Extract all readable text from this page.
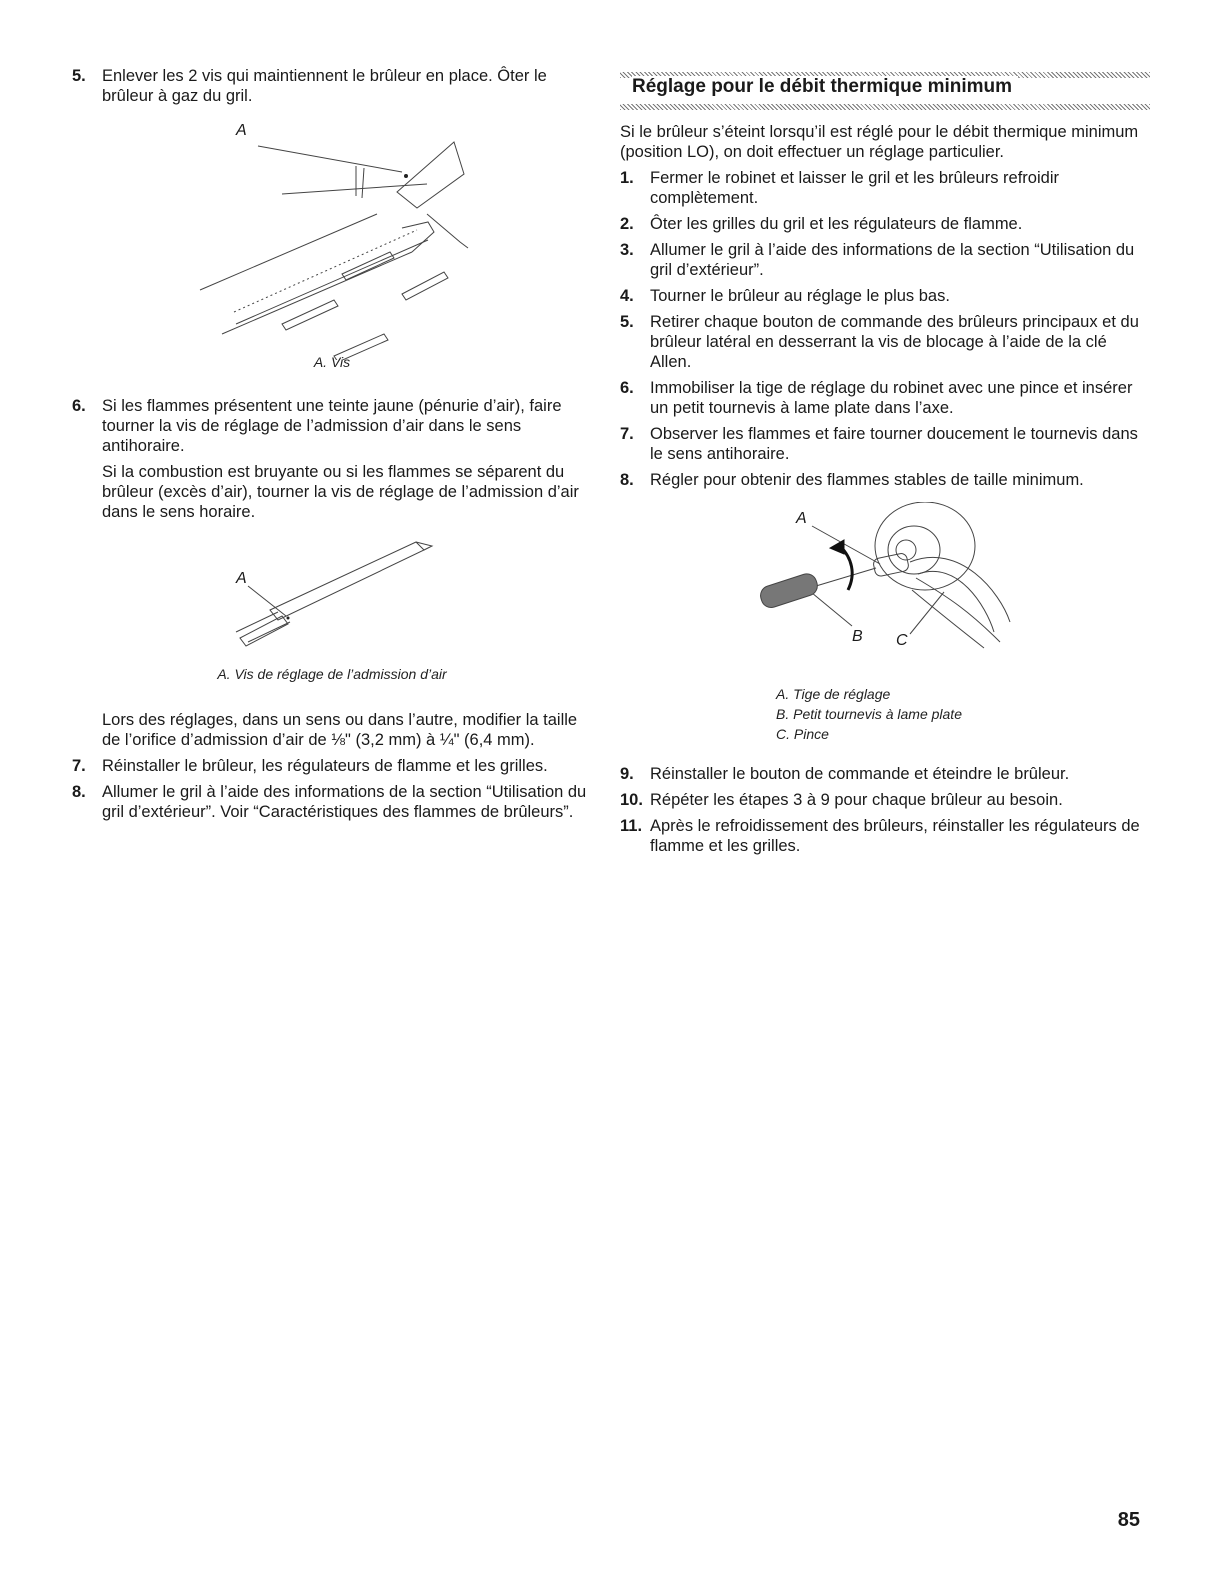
5. Enlever les 2 vis qui maintiennent le brûleur en place. Ôter le brûleur à gaz du gril.
A
A. Vis
6. Si les flammes présentent une teinte jaune (pénurie d’air), faire tourner la vis de réglage de l’admission d’air dans le sens antihoraire.

Si la combustion est bruyante ou si les flammes se séparent du brûleur (excès d’air), tourner la vis de réglage de l’admission d’air dans le sens horaire.

A
A. Vis de réglage de l’admission d’air

Lors des réglages, dans un sens ou dans l’autre, modifier la taille de l’orifice d’admission d’air de ⅛" (3,2 mm) à ¼" (6,4 mm).

7. Réinstaller le brûleur, les régulateurs de flamme et les grilles.
8. Allumer le gril à l’aide des informations de la section “Utilisation du gril d’extérieur”. Voir “Caractéristiques des flammes de brûleurs”.
Réglage pour le débit thermique minimum

Si le brûleur s’éteint lorsqu’il est réglé pour le débit thermique minimum (position LO), on doit effectuer un réglage particulier.

1. Fermer le robinet et laisser le gril et les brûleurs refroidir complètement.
2. Ôter les grilles du gril et les régulateurs de flamme.
3. Allumer le gril à l’aide des informations de la section “Utilisation du gril d’extérieur”.
4. Tourner le brûleur au réglage le plus bas.
5. Retirer chaque bouton de commande des brûleurs principaux et du brûleur latéral en desserrant la vis de blocage à l’aide de la clé Allen.
6. Immobiliser la tige de réglage du robinet avec une pince et insérer un petit tournevis à lame plate dans l’axe.
7. Observer les flammes et faire tourner doucement le tournevis dans le sens antihoraire.
8. Régler pour obtenir des flammes stables de taille minimum.
A
B C
A. Tige de réglage
B. Petit tournevis à lame plate
C. Pince
9. Réinstaller le bouton de commande et éteindre le brûleur.
10. Répéter les étapes 3 à 9 pour chaque brûleur au besoin.
11. Après le refroidissement des brûleurs, réinstaller les régulateurs de flamme et les grilles.
85
